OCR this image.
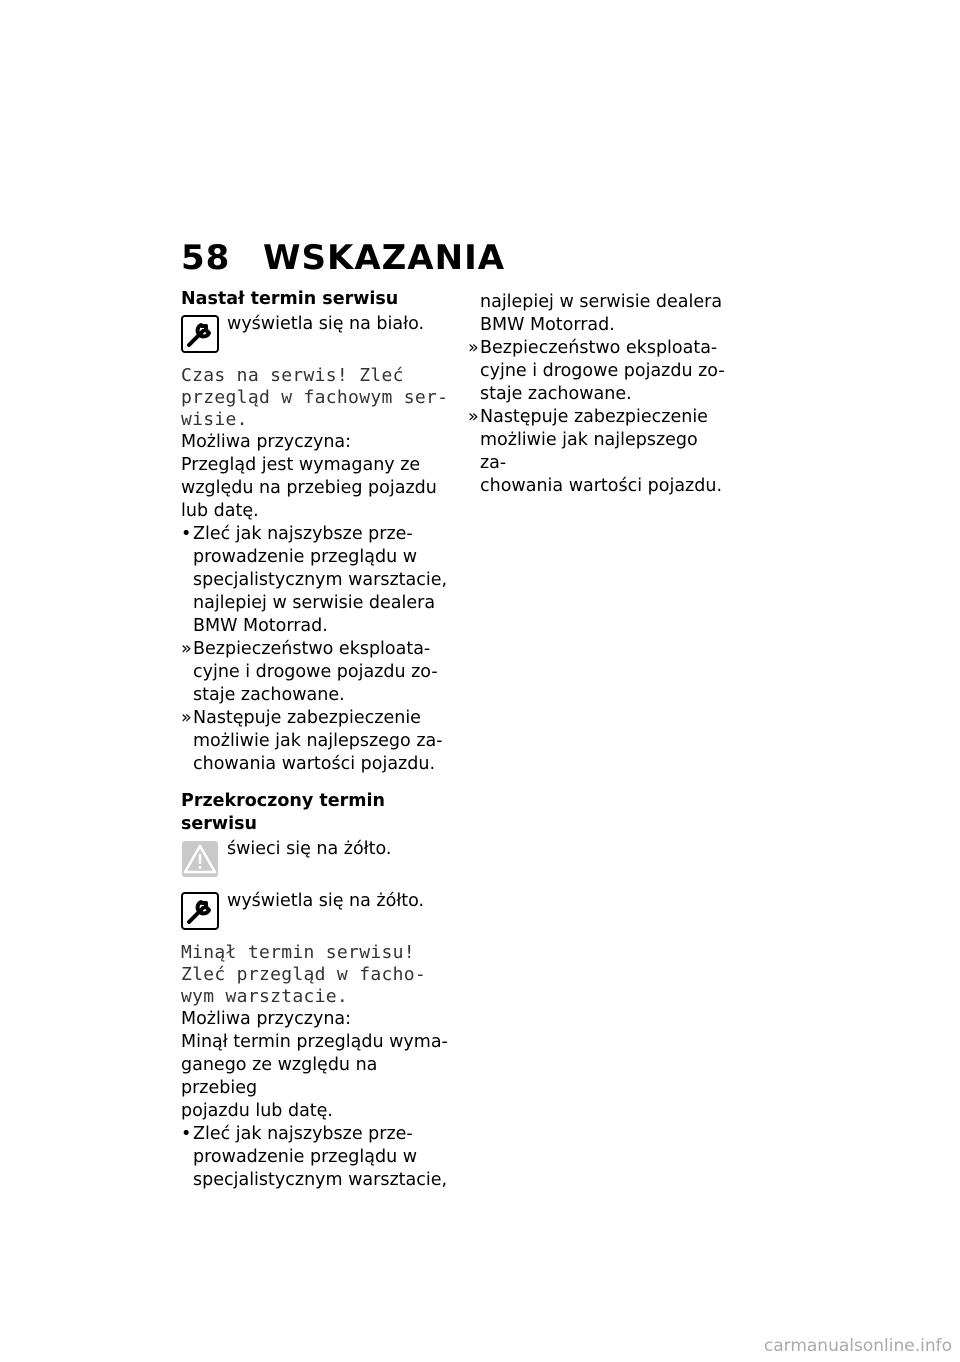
58 WSKAZANIA

Nastał termin serwisu

wyświetla się na biało.

Czas na serwis! Zleć

przegląd w fachowym ser-

wisie.

Możliwa przyczyna:

Przegląd jest wymagany ze

względu na przebieg pojazdu

lub datę.

• Zleć jak najszybsze prze-
prowadzenie przeglądu w
specjalistycznym warsztacie,
najlepiej w serwisie dealera
BMW Motorrad.
» Bezpieczeństwo eksploata-
cyjne i drogowe pojazdu zo-
staje zachowane.
» Następuje zabezpieczenie
możliwie jak najlepszego za-
chowania wartości pojazdu.

Przekroczony termin serwisu

świeci się na żółto.

wyświetla się na żółto.

Minął termin serwisu!

Zleć przegląd w facho-

wym warsztacie.

Możliwa przyczyna:

Minął termin przeglądu wyma-

ganego ze względu na przebieg

pojazdu lub datę.

• Zleć jak najszybsze prze-
prowadzenie przeglądu w
specjalistycznym warsztacie,
najlepiej w serwisie dealera
BMW Motorrad.
» Bezpieczeństwo eksploata-
cyjne i drogowe pojazdu zo-
staje zachowane.
» Następuje zabezpieczenie
możliwie jak najlepszego za-
chowania wartości pojazdu.
carmanualsonline.info
